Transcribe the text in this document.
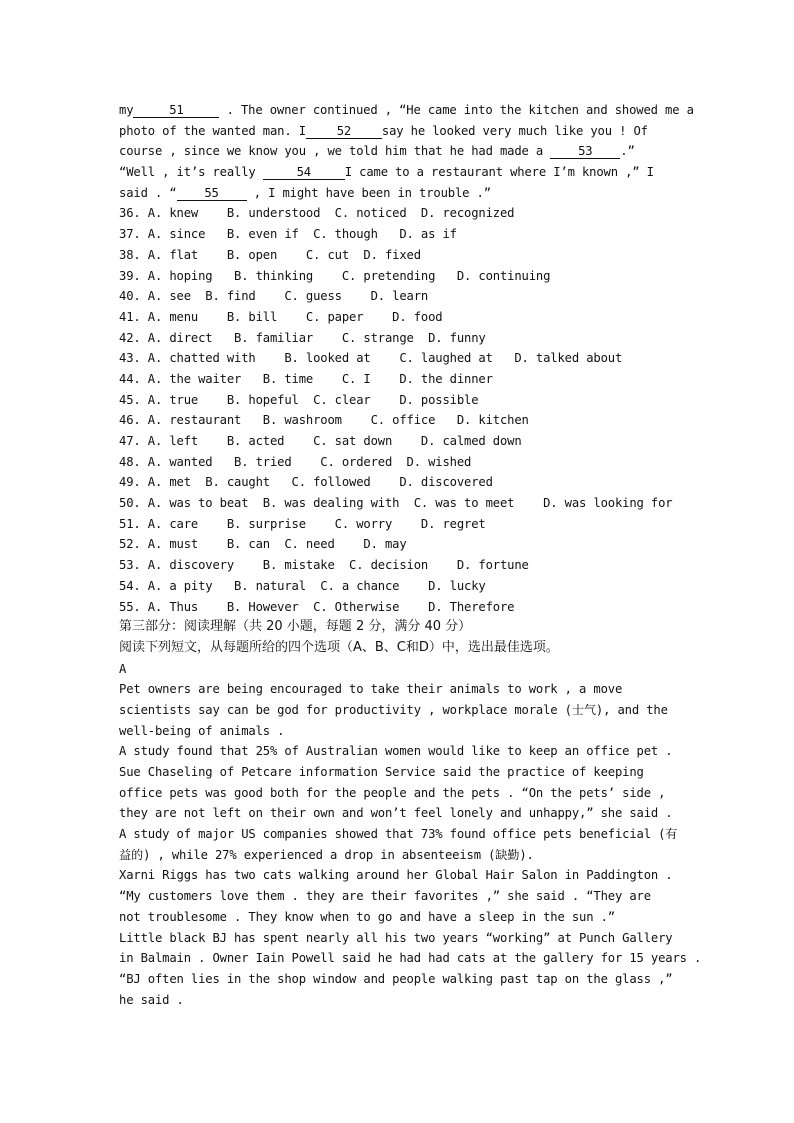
my	51	. The owner continued , “He came into the kitchen and showed me a
photo of the wanted man. I	52	say he looked very much like you ! Of
course , since we know you , we told him that he had made a 53 .”
“Well , it’s really	54	I came to a restaurant where I’m known ,” I
said . “ 55 , I might have been in trouble .”
36. A. knew    B. understood  C. noticed  D. recognized
37. A. since   B. even if  C. though   D. as if
38. A. flat    B. open    C. cut  D. fixed
39. A. hoping   B. thinking    C. pretending   D. continuing
40. A. see  B. find    C. guess    D. learn
41. A. menu    B. bill    C. paper    D. food
42. A. direct   B. familiar    C. strange  D. funny
43. A. chatted with    B. looked at    C. laughed at   D. talked about
44. A. the waiter   B. time    C. I    D. the dinner
45. A. true    B. hopeful  C. clear    D. possible
46. A. restaurant   B. washroom    C. office   D. kitchen
47. A. left    B. acted    C. sat down    D. calmed down
48. A. wanted   B. tried    C. ordered  D. wished
49. A. met  B. caught   C. followed    D. discovered
50. A. was to beat  B. was dealing with  C. was to meet    D. was looking for
51. A. care    B. surprise    C. worry    D. regret
52. A. must    B. can  C. need    D. may
53. A. discovery    B. mistake  C. decision    D. fortune
54. A. a pity   B. natural  C. a chance    D. lucky
55. A. Thus    B. However  C. Otherwise    D. Therefore
第三部分：阅读理解（共 20 小题，每题 2 分，满分 40 分）
阅读下列短文，从每题所给的四个选项（A、B、C和D）中，选出最佳选项。
A
Pet owners are being encouraged to take their animals to work , a move
scientists say can be god for productivity , workplace morale (士气), and the
well-being of animals .
A study found that 25% of Australian women would like to keep an office pet .
Sue Chaseling of Petcare information Service said the practice of keeping
office pets was good both for the people and the pets . “On the pets’ side ,
they are not left on their own and won’t feel lonely and unhappy,” she said .
A study of major US companies showed that 73% found office pets beneficial (有
益的) , while 27% experienced a drop in absenteeism (缺勤).
Xarni Riggs has two cats walking around her Global Hair Salon in Paddington .
“My customers love them . they are their favorites ,” she said . “They are
not troublesome . They know when to go and have a sleep in the sun .”
Little black BJ has spent nearly all his two years “working” at Punch Gallery
in Balmain . Owner Iain Powell said he had had cats at the gallery for 15 years .
“BJ often lies in the shop window and people walking past tap on the glass ,”
he said .
